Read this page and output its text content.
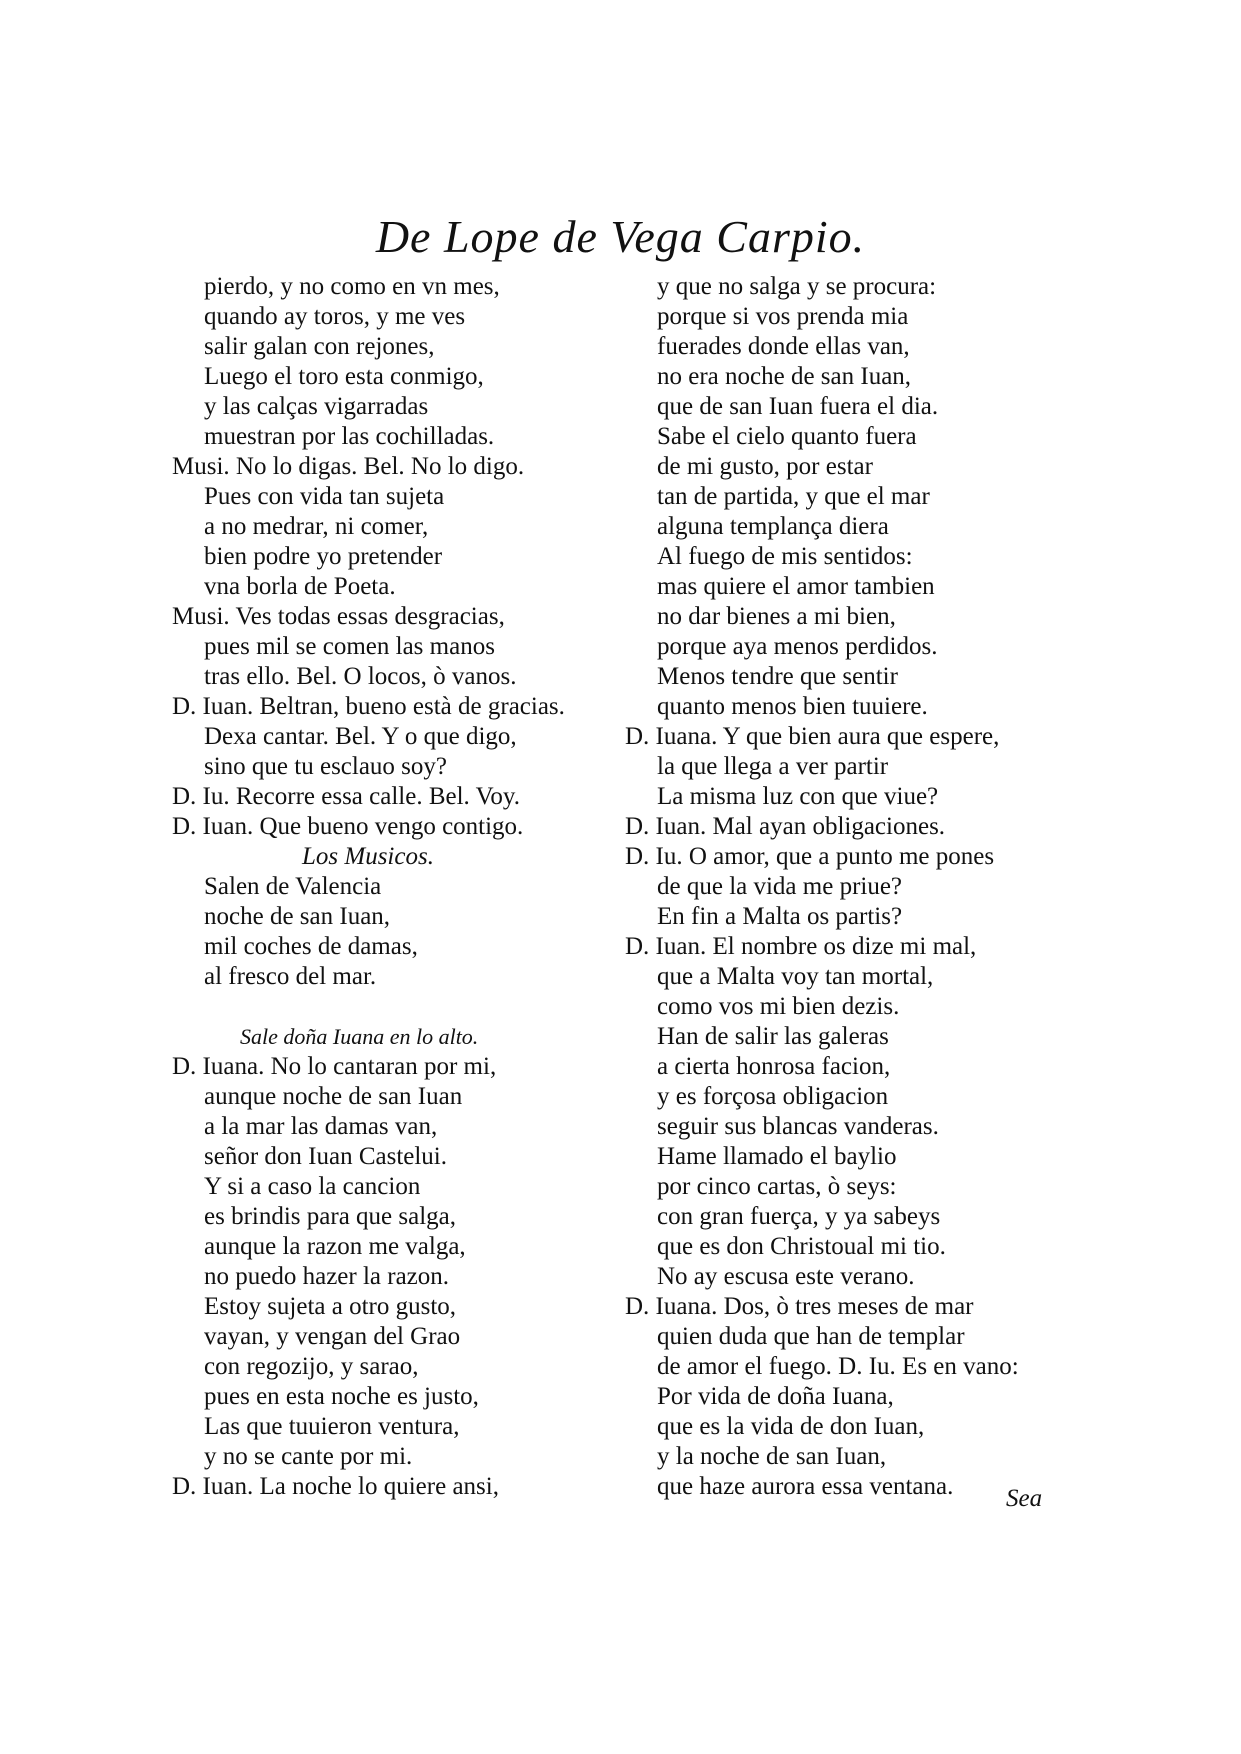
De Lope de Vega Carpio.
pierdo, y no como en vn mes,
quando ay toros, y me ves
salir galan con rejones,
Luego el toro esta conmigo,
y las calças vigarradas
muestran por las cochilladas.
Musi. No lo digas. Bel. No lo digo.
Pues con vida tan sujeta
a no medrar, ni comer,
bien podre yo pretender
vna borla de Poeta.
Musi. Ves todas essas desgracias,
pues mil se comen las manos
tras ello. Bel. O locos, ò vanos.
D. Iuan. Beltran, bueno està de gracias.
Dexa cantar. Bel. Y o que digo,
sino que tu esclauo soy?
D. Iu. Recorre essa calle. Bel. Voy.
D. Iuan. Que bueno vengo contigo.
Los Musicos.
Salen de Valencia
noche de san Iuan,
mil coches de damas,
al fresco del mar.
Sale doña Iuana en lo alto.
D. Iuana. No lo cantaran por mi,
aunque noche de san Iuan
a la mar las damas van,
señor don Iuan Castelui.
Y si a caso la cancion
es brindis para que salga,
aunque la razon me valga,
no puedo hazer la razon.
Estoy sujeta a otro gusto,
vayan, y vengan del Grao
con regozijo, y sarao,
pues en esta noche es justo,
Las que tuuieron ventura,
y no se cante por mi.
D. Iuan. La noche lo quiere ansi,
y que no salga y se procura:
porque si vos prenda mia
fuerades donde ellas van,
no era noche de san Iuan,
que de san Iuan fuera el dia.
Sabe el cielo quanto fuera
de mi gusto, por estar
tan de partida, y que el mar
alguna templança diera
Al fuego de mis sentidos:
mas quiere el amor tambien
no dar bienes a mi bien,
porque aya menos perdidos.
Menos tendre que sentir
quanto menos bien tuuiere.
D. Iuana. Y que bien aura que espere,
la que llega a ver partir
La misma luz con que viue?
D. Iuan. Mal ayan obligaciones.
D. Iu. O amor, que a punto me pones
de que la vida me priue?
En fin a Malta os partis?
D. Iuan. El nombre os dize mi mal,
que a Malta voy tan mortal,
como vos mi bien dezis.
Han de salir las galeras
a cierta honrosa facion,
y es forçosa obligacion
seguir sus blancas vanderas.
Hame llamado el baylio
por cinco cartas, ò seys:
con gran fuerça, y ya sabeys
que es don Christoual mi tio.
No ay escusa este verano.
D. Iuana. Dos, ò tres meses de mar
quien duda que han de templar
de amor el fuego. D. Iu. Es en vano:
Por vida de doña Iuana,
que es la vida de don Iuan,
y la noche de san Iuan,
que haze aurora essa ventana.	Sea
